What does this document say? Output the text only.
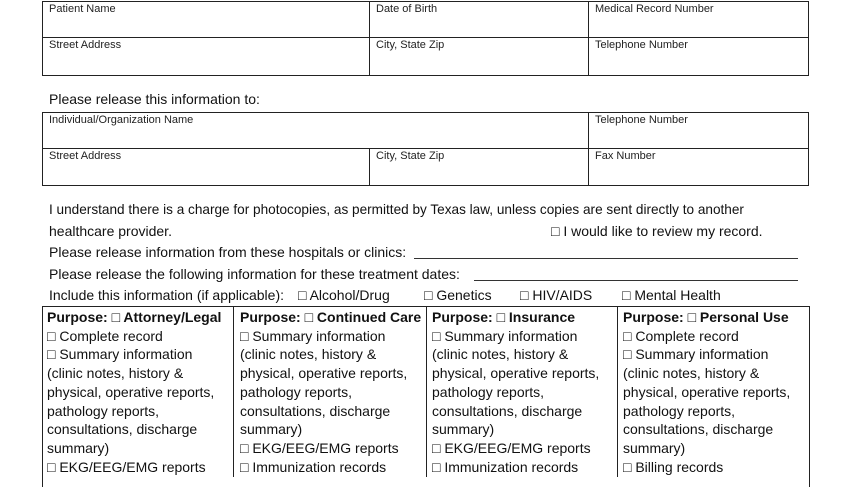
Patient Name	Date of Birth	Medical Record Number
Street Address	City, State Zip	Telephone Number
Please release this information to:
Individual/Organization Name	Telephone Number
Street Address	City, State Zip	Fax Number
I understand there is a charge for photocopies, as permitted by Texas law, unless copies are sent directly to another
healthcare provider.	□ I would like to review my record.
Please release information from these hospitals or clinics:
Please release the following information for these treatment dates:
Include this information (if applicable): □ Alcohol/Drug □ Genetics □ HIV/AIDS □ Mental Health
Purpose: □ Attorney/Legal
□ Complete record
□ Summary information
(clinic notes, history &
physical, operative reports,
pathology reports,
consultations, discharge
summary)
□ EKG/EEG/EMG reports
Purpose: □ Continued Care
□ Summary information
(clinic notes, history &
physical, operative reports,
pathology reports,
consultations, discharge
summary)
□ EKG/EEG/EMG reports
□ Immunization records
Purpose: □ Insurance
□ Summary information
(clinic notes, history &
physical, operative reports,
pathology reports,
consultations, discharge
summary)
□ EKG/EEG/EMG reports
□ Immunization records
Purpose: □ Personal Use
□ Complete record
□ Summary information
(clinic notes, history &
physical, operative reports,
pathology reports,
consultations, discharge
summary)
□ Billing records
